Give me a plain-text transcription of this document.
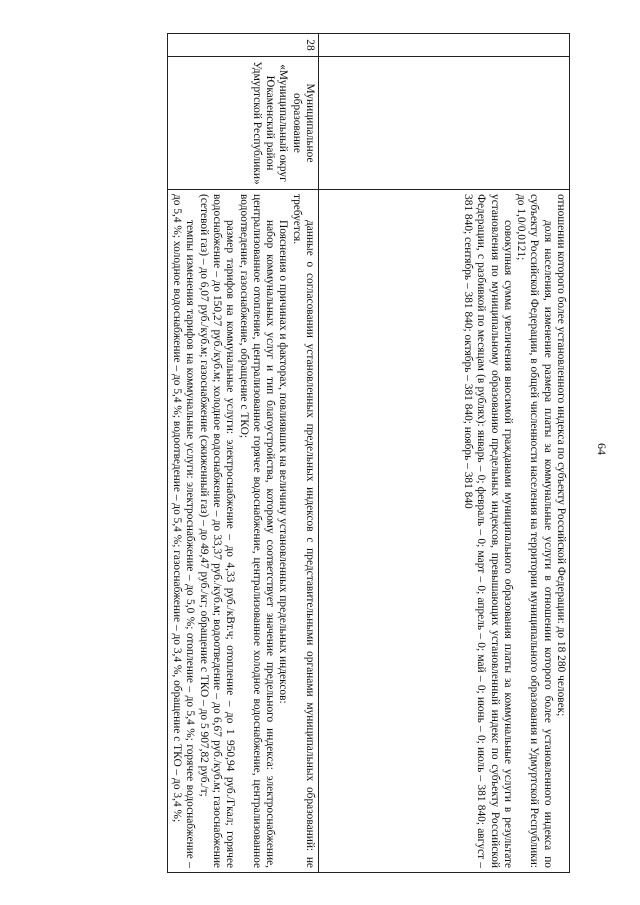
64

		отношении которого более установленного индекса по субъекту Российской Федерации: до 18 280 человек;

доля населения, изменение размера платы за коммунальные услуги в отношении которого более установленного индекса по субъекту Российской Федерации, в общей численности населения на территории муниципального образования и Удмуртской Республики: до 1,0/0,0121;

совокупная сумма увеличения вносимой гражданами муниципального образования платы за коммунальные услуги в результате установления по муниципальному образованию предельных индексов, превышающих установленный индекс по субъекту Российской Федерации, с разбивкой по месяцам (в рублях): январь – 0; февраль – 0; март – 0; апрель – 0; май – 0; июнь – 0; июль – 381 840; август – 381 840; сентябрь – 381 840; октябрь – 381 840; ноябрь – 381 840

28	Муниципальное образование «Муниципальный округ Юкаменский район Удмуртской Республики»	данные о согласовании установленных предельных индексов с представительными органами муниципальных образований: не требуется.

Пояснения о причинах и факторах, повлиявших на величину установленных предельных индексов:

набор коммунальных услуг и тип благоустройства, которому соответствует значение предельного индекса: электроснабжение, централизованное отопление, централизованное горячее водоснабжение, централизованное холодное водоснабжение, централизованное водоотведение, газоснабжение, обращение с ТКО;

размер тарифов на коммунальные услуги: электроснабжение – до 4,33 руб./кВт.ч; отопление – до 1 950,94 руб./Гкал; горячее водоснабжение – до 150,27 руб./куб.м; холодное водоснабжение – до 33,37 руб./куб.м; водоотведение – до 6,67 руб./куб.м; газоснабжение (сетевой газ) – до 6,07 руб./куб.м; газоснабжение (сжиженный газ) – до 49,47 руб./кг; обращение с ТКО – до 5 907,82 руб./т;

темпы изменения тарифов на коммунальные услуги: электроснабжение – до 5,0 %; отопление – до 5,4 %; горячее водоснабжение – до 5,4 %; холодное водоснабжение – до 5,4 %; водоотведение – до 5,4 %; газоснабжение – до 3,4 %, обращение с ТКО – до 3,4 %;
